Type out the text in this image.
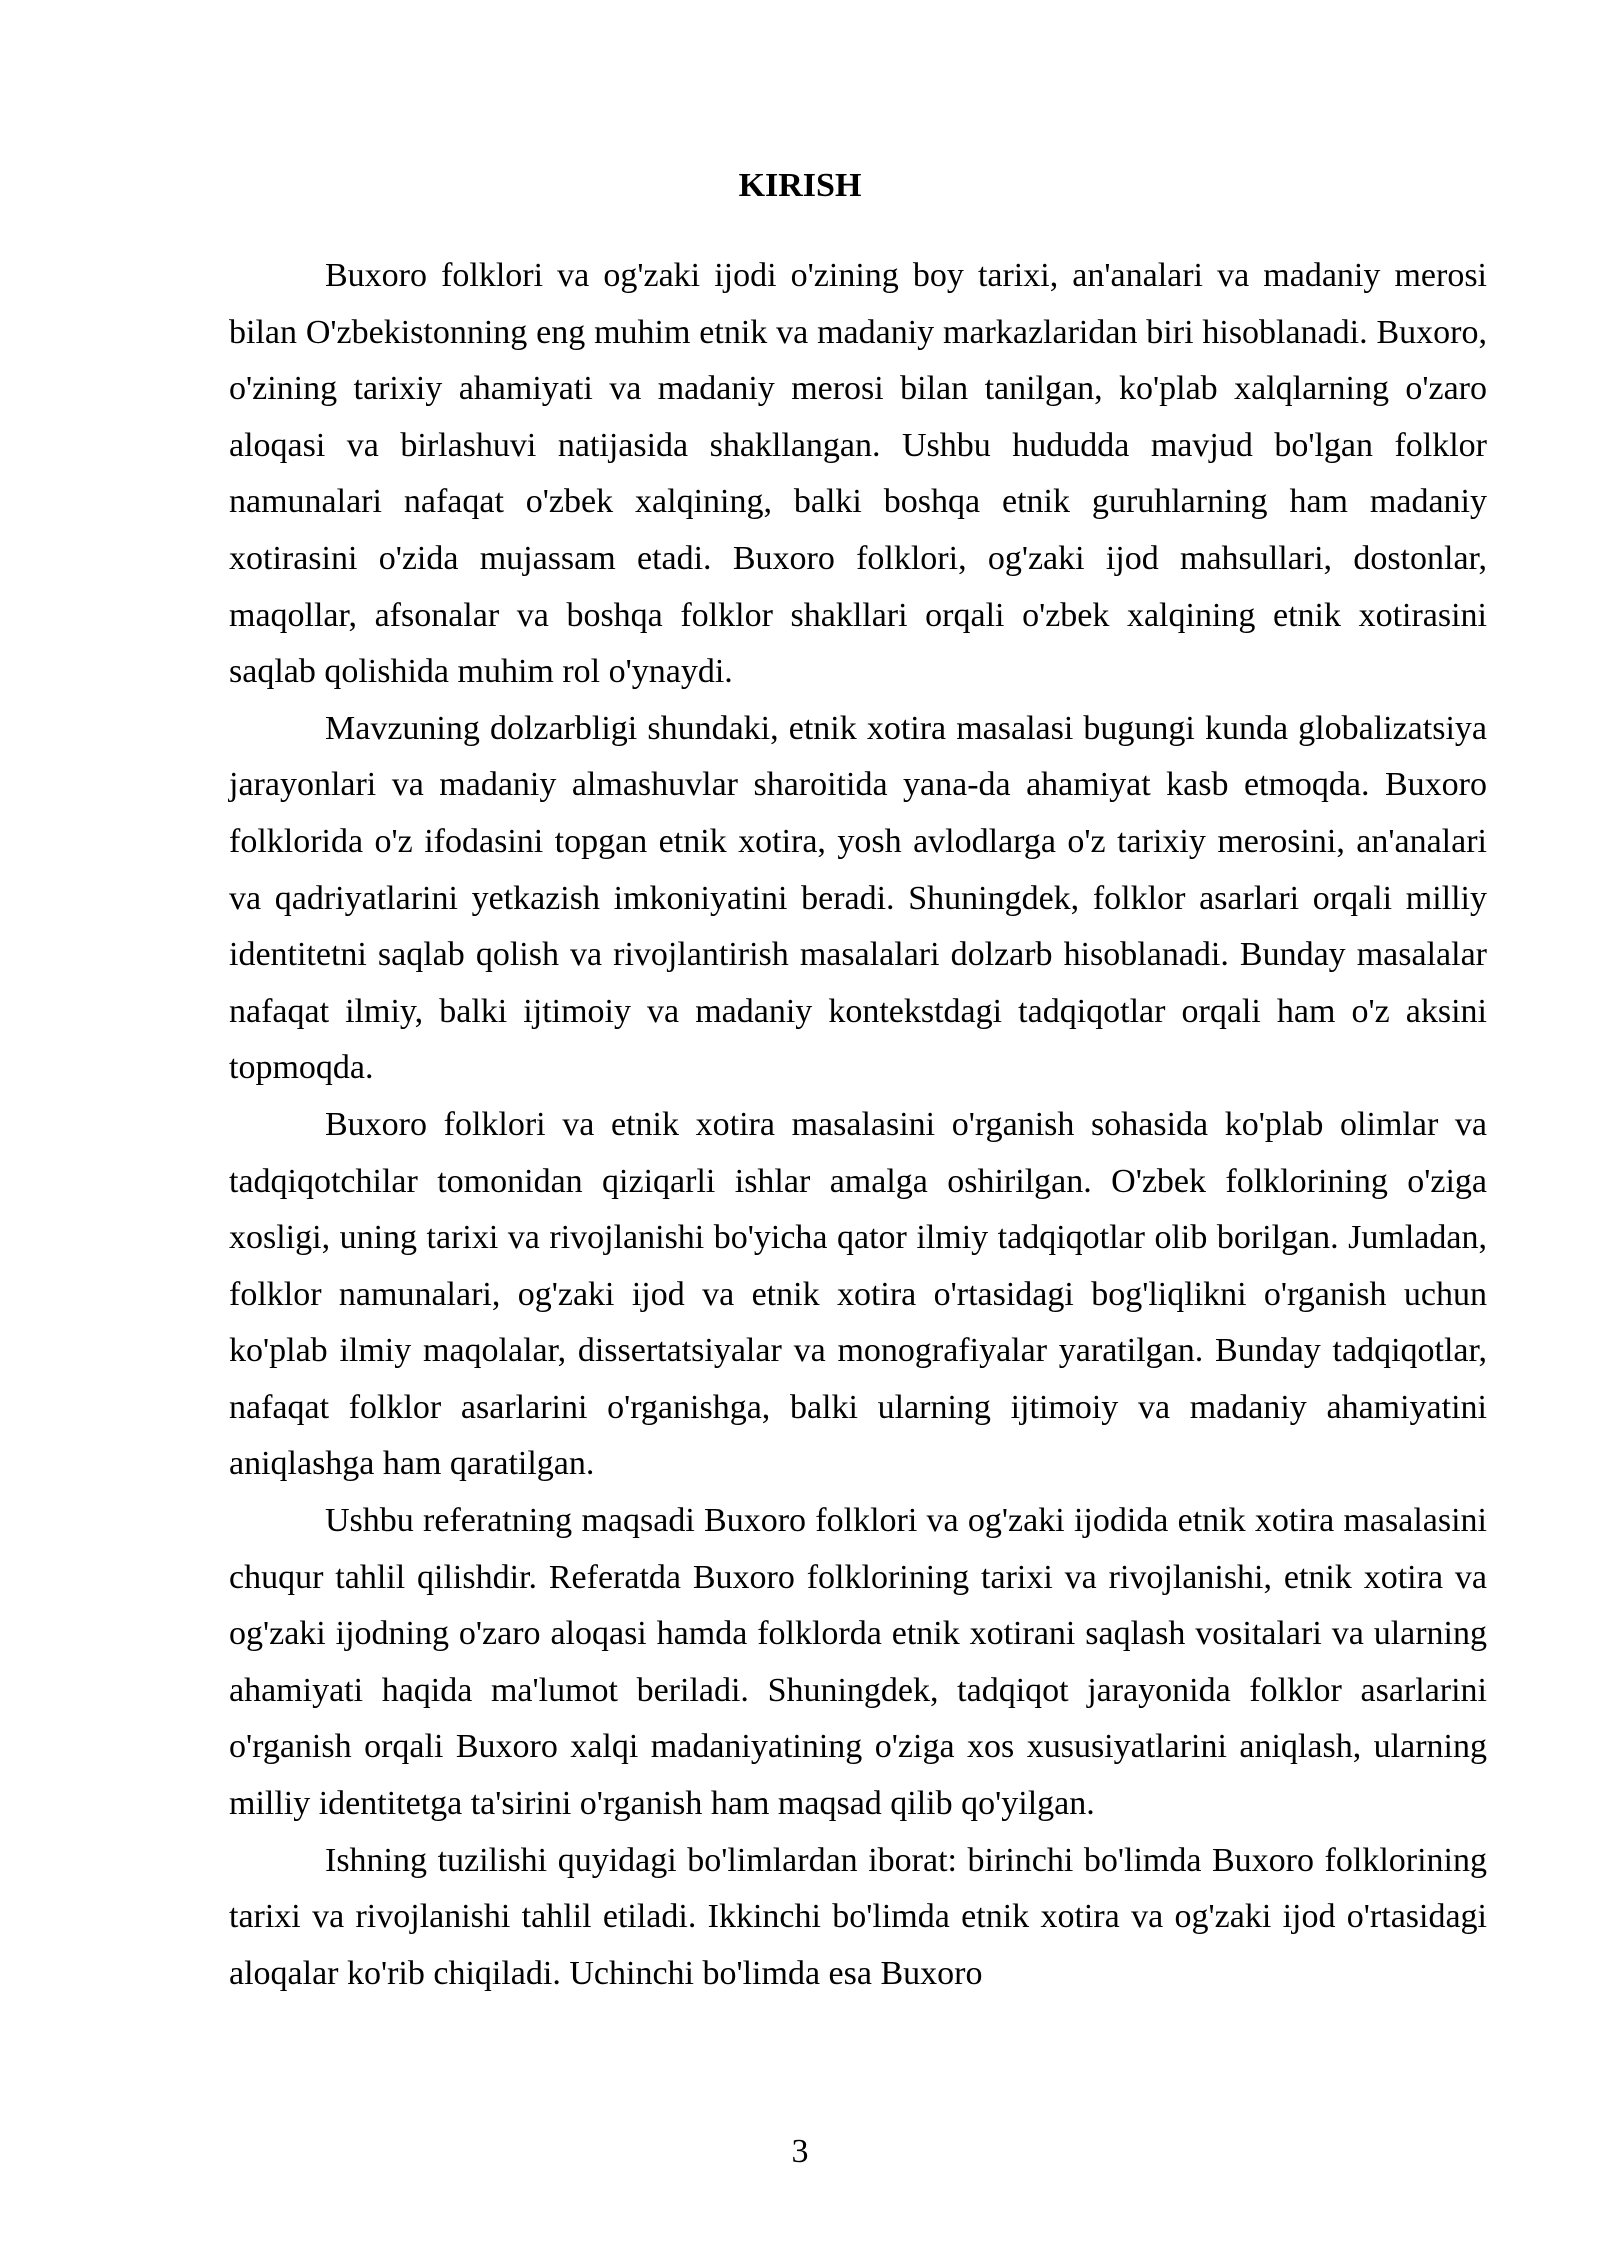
KIRISH

Buxoro folklori va og'zaki ijodi o'zining boy tarixi, an'analari va madaniy merosi bilan O'zbekistonning eng muhim etnik va madaniy markazlaridan biri hisoblanadi. Buxoro, o'zining tarixiy ahamiyati va madaniy merosi bilan tanilgan, ko'plab xalqlarning o'zaro aloqasi va birlashuvi natijasida shakllangan. Ushbu hududda mavjud bo'lgan folklor namunalari nafaqat o'zbek xalqining, balki boshqa etnik guruhlarning ham madaniy xotirasini o'zida mujassam etadi. Buxoro folklori, og'zaki ijod mahsullari, dostonlar, maqollar, afsonalar va boshqa folklor shakllari orqali o'zbek xalqining etnik xotirasini saqlab qolishida muhim rol o'ynaydi.

Mavzuning dolzarbligi shundaki, etnik xotira masalasi bugungi kunda globalizatsiya jarayonlari va madaniy almashuvlar sharoitida yana-da ahamiyat kasb etmoqda. Buxoro folklorida o'z ifodasini topgan etnik xotira, yosh avlodlarga o'z tarixiy merosini, an'analari va qadriyatlarini yetkazish imkoniyatini beradi. Shuningdek, folklor asarlari orqali milliy identitetni saqlab qolish va rivojlantirish masalalari dolzarb hisoblanadi. Bunday masalalar nafaqat ilmiy, balki ijtimoiy va madaniy kontekstdagi tadqiqotlar orqali ham o'z aksini topmoqda.

Buxoro folklori va etnik xotira masalasini o'rganish sohasida ko'plab olimlar va tadqiqotchilar tomonidan qiziqarli ishlar amalga oshirilgan. O'zbek folklorining o'ziga xosligi, uning tarixi va rivojlanishi bo'yicha qator ilmiy tadqiqotlar olib borilgan. Jumladan, folklor namunalari, og'zaki ijod va etnik xotira o'rtasidagi bog'liqlikni o'rganish uchun ko'plab ilmiy maqolalar, dissertatsiyalar va monografiyalar yaratilgan. Bunday tadqiqotlar, nafaqat folklor asarlarini o'rganishga, balki ularning ijtimoiy va madaniy ahamiyatini aniqlashga ham qaratilgan.

Ushbu referatning maqsadi Buxoro folklori va og'zaki ijodida etnik xotira masalasini chuqur tahlil qilishdir. Referatda Buxoro folklorining tarixi va rivojlanishi, etnik xotira va og'zaki ijodning o'zaro aloqasi hamda folklorda etnik xotirani saqlash vositalari va ularning ahamiyati haqida ma'lumot beriladi. Shuningdek, tadqiqot jarayonida folklor asarlarini o'rganish orqali Buxoro xalqi madaniyatining o'ziga xos xususiyatlarini aniqlash, ularning milliy identitetga ta'sirini o'rganish ham maqsad qilib qo'yilgan.

Ishning tuzilishi quyidagi bo'limlardan iborat: birinchi bo'limda Buxoro folklorining tarixi va rivojlanishi tahlil etiladi. Ikkinchi bo'limda etnik xotira va og'zaki ijod o'rtasidagi aloqalar ko'rib chiqiladi. Uchinchi bo'limda esa Buxoro

3
